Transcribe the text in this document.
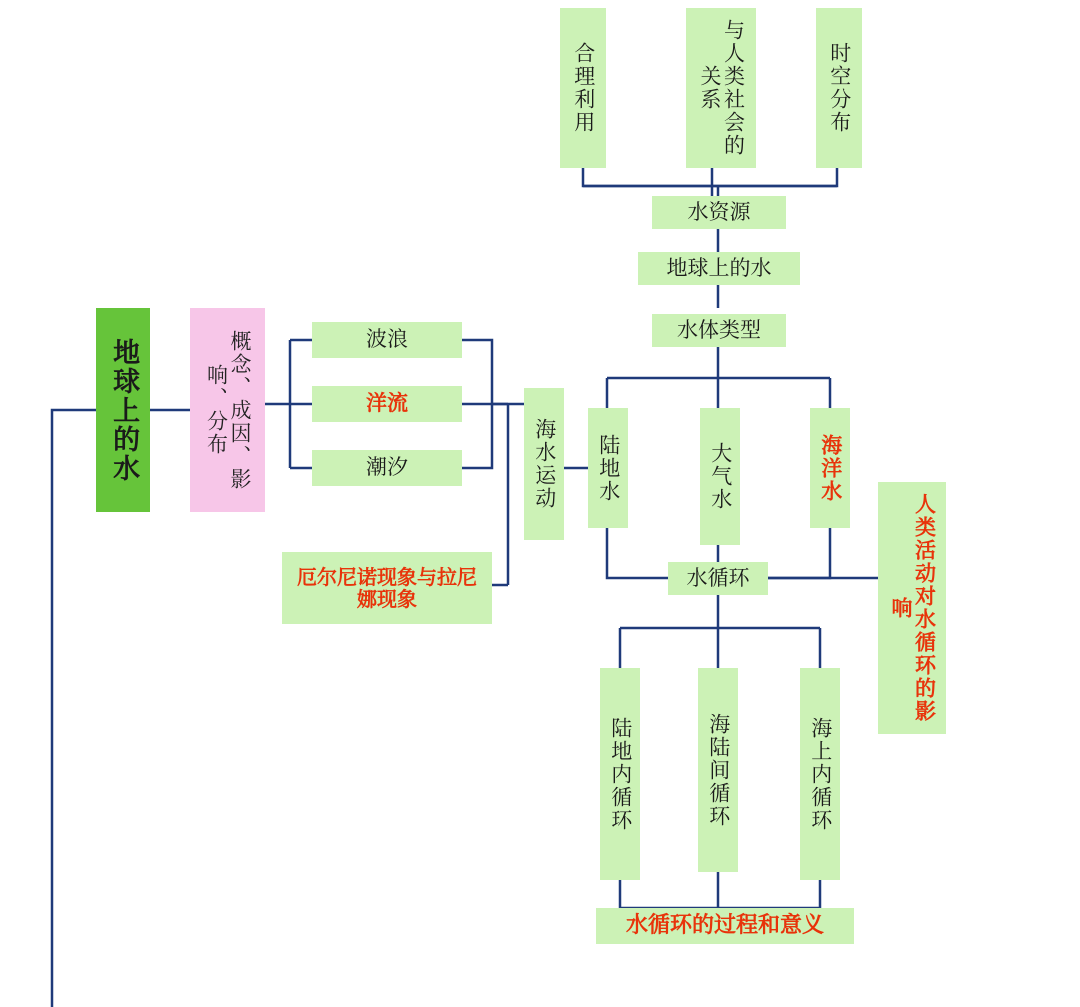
合理利用	与人类社会的关系	时空分布
水资源
地球上的水
水体类型
陆地水	大气水	海洋水
水循环	人类活动对水循环的影响
陆地内循环	海陆间循环	海上内循环
水循环的过程和意义
地球上的水	概念、成因、影响、分布
波浪
洋流
潮汐
厄尔尼诺现象与拉尼娜现象
海水运动
